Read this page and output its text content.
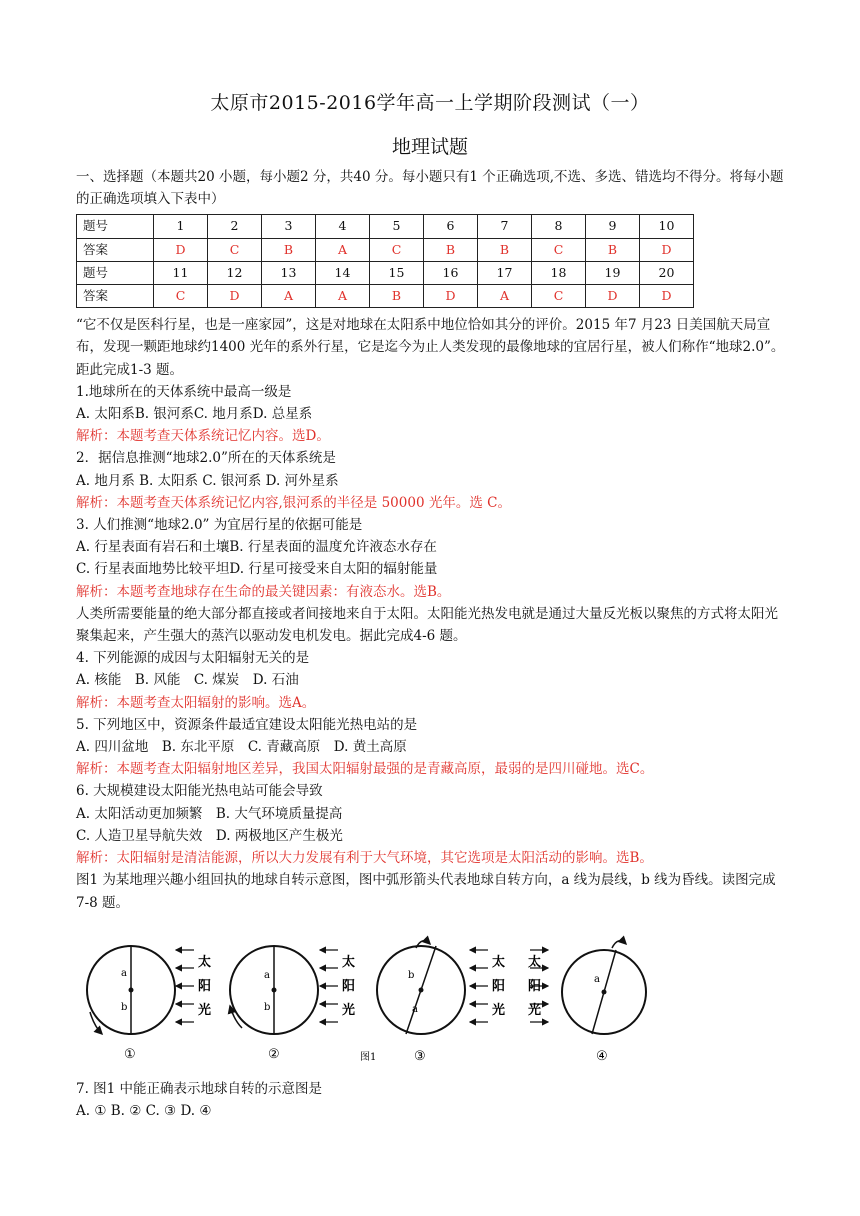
太原市2015-2016学年高一上学期阶段测试（一）
地理试题

一、选择题（本题共20 小题，每小题2 分，共40 分。每小题只有1 个正确选项,不选、多选、错选均不得分。将每小题的正确选项填入下表中）

题号	1	2	3	4	5	6	7	8	9	10
答案	D	C	B	A	C	B	B	C	B	D
题号	11	12	13	14	15	16	17	18	19	20
答案	C	D	A	A	B	D	A	C	D	D

“它不仅是医科行星，也是一座家园”，这是对地球在太阳系中地位恰如其分的评价。2015 年7 月23 日美国航天局宣布，发现一颗距地球约1400 光年的系外行星，它是迄今为止人类发现的最像地球的宜居行星，被人们称作“地球2.0”。距此完成1-3 题。

1.地球所在的天体系统中最高一级是

A. 太阳系B. 银河系C. 地月系D. 总星系

解析：本题考查天体系统记忆内容。选D。

2．据信息推测“地球2.0”所在的天体系统是

A. 地月系 B. 太阳系 C. 银河系 D. 河外星系

解析：本题考查天体系统记忆内容,银河系的半径是 50000 光年。选 C。

3. 人们推测“地球2.0” 为宜居行星的依据可能是

A. 行星表面有岩石和土壤B. 行星表面的温度允许液态水存在

C. 行星表面地势比较平坦D. 行星可接受来自太阳的辐射能量

解析：本题考查地球存在生命的最关键因素：有液态水。选B。

人类所需要能量的绝大部分都直接或者间接地来自于太阳。太阳能光热发电就是通过大量反光板以聚焦的方式将太阳光聚集起来，产生强大的蒸汽以驱动发电机发电。据此完成4-6 题。

4. 下列能源的成因与太阳辐射无关的是

A. 核能　B. 风能　C. 煤炭　D. 石油

解析：本题考查太阳辐射的影响。选A。

5. 下列地区中，资源条件最适宜建设太阳能光热电站的是

A. 四川盆地　B. 东北平原　C. 青藏高原　D. 黄土高原

解析：本题考查太阳辐射地区差异，我国太阳辐射最强的是青藏高原，最弱的是四川碰地。选C。

6. 大规模建设太阳能光热电站可能会导致

A. 太阳活动更加频繁　B. 大气环境质量提高

C. 人造卫星导航失效　D. 两极地区产生极光

解析：太阳辐射是清洁能源，所以大力发展有利于大气环境，其它选项是太阳活动的影响。选B。

图1 为某地理兴趣小组回执的地球自转示意图，图中弧形箭头代表地球自转方向，a 线为晨线，b 线为昏线。读图完成7-8 题。

a
b
太
阳
光
①
a
b
太
阳
光
②
b
a
太
阳
光
③
图1
太
阳
光
a
④

7. 图1 中能正确表示地球自转的示意图是

A. ① B. ② C. ③ D. ④
